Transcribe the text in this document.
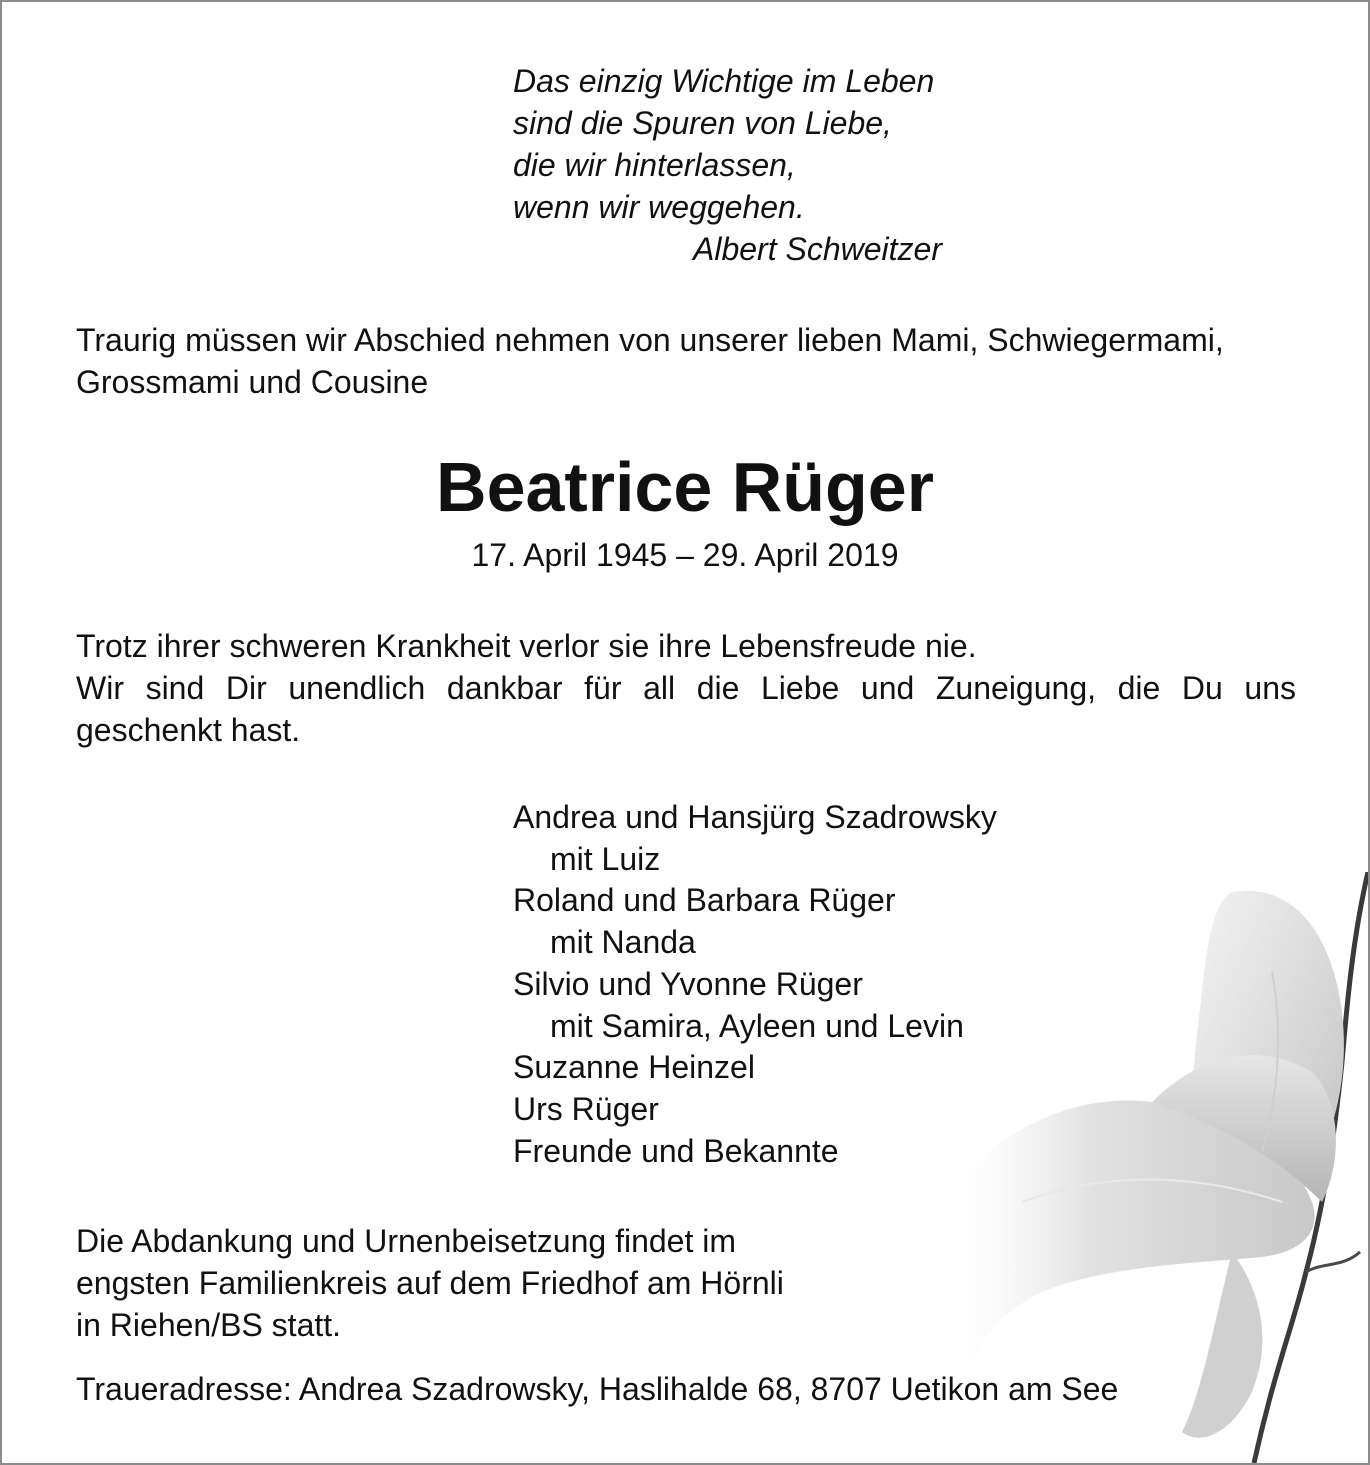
Das einzig Wichtige im Leben
sind die Spuren von Liebe,
die wir hinterlassen,
wenn wir weggehen.
Albert Schweitzer
Traurig müssen wir Abschied nehmen von unserer lieben Mami, Schwiegermami,
Grossmami und Cousine
Beatrice Rüger
17. April 1945 – 29. April 2019
Trotz ihrer schweren Krankheit verlor sie ihre Lebensfreude nie.
Wir sind Dir unendlich dankbar für all die Liebe und Zuneigung, die Du uns
geschenkt hast.
Andrea und Hansjürg Szadrowsky
mit Luiz
Roland und Barbara Rüger
mit Nanda
Silvio und Yvonne Rüger
mit Samira, Ayleen und Levin
Suzanne Heinzel
Urs Rüger
Freunde und Bekannte
Die Abdankung und Urnenbeisetzung findet im
engsten Familienkreis auf dem Friedhof am Hörnli
in Riehen/BS statt.
Traueradresse: Andrea Szadrowsky, Haslihalde 68, 8707 Uetikon am See
